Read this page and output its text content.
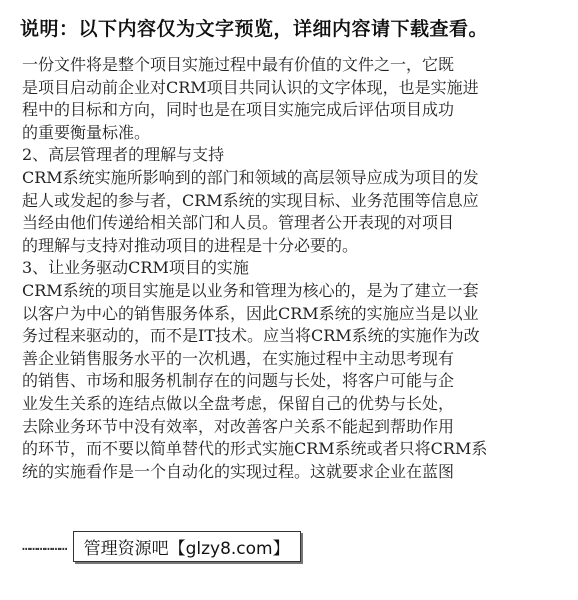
说明：以下内容仅为文字预览，详细内容请下载查看。
一份文件将是整个项目实施过程中最有价值的文件之一，它既
是项目启动前企业对CRM项目共同认识的文字体现，也是实施进
程中的目标和方向，同时也是在项目实施完成后评估项目成功
的重要衡量标准。
2、高层管理者的理解与支持
CRM系统实施所影响到的部门和领域的高层领导应成为项目的发
起人或发起的参与者，CRM系统的实现目标、业务范围等信息应
当经由他们传递给相关部门和人员。管理者公开表现的对项目
的理解与支持对推动项目的进程是十分必要的。
3、让业务驱动CRM项目的实施
CRM系统的项目实施是以业务和管理为核心的，是为了建立一套
以客户为中心的销售服务体系，因此CRM系统的实施应当是以业
务过程来驱动的，而不是IT技术。应当将CRM系统的实施作为改
善企业销售服务水平的一次机遇，在实施过程中主动思考现有
的销售、市场和服务机制存在的问题与长处，将客户可能与企
业发生关系的连结点做以全盘考虑，保留自己的优势与长处，
去除业务环节中没有效率，对改善客户关系不能起到帮助作用
的环节，而不要以简单替代的形式实施CRM系统或者只将CRM系
统的实施看作是一个自动化的实现过程。这就要求企业在蓝图
………………	管理资源吧【glzy8.com】
